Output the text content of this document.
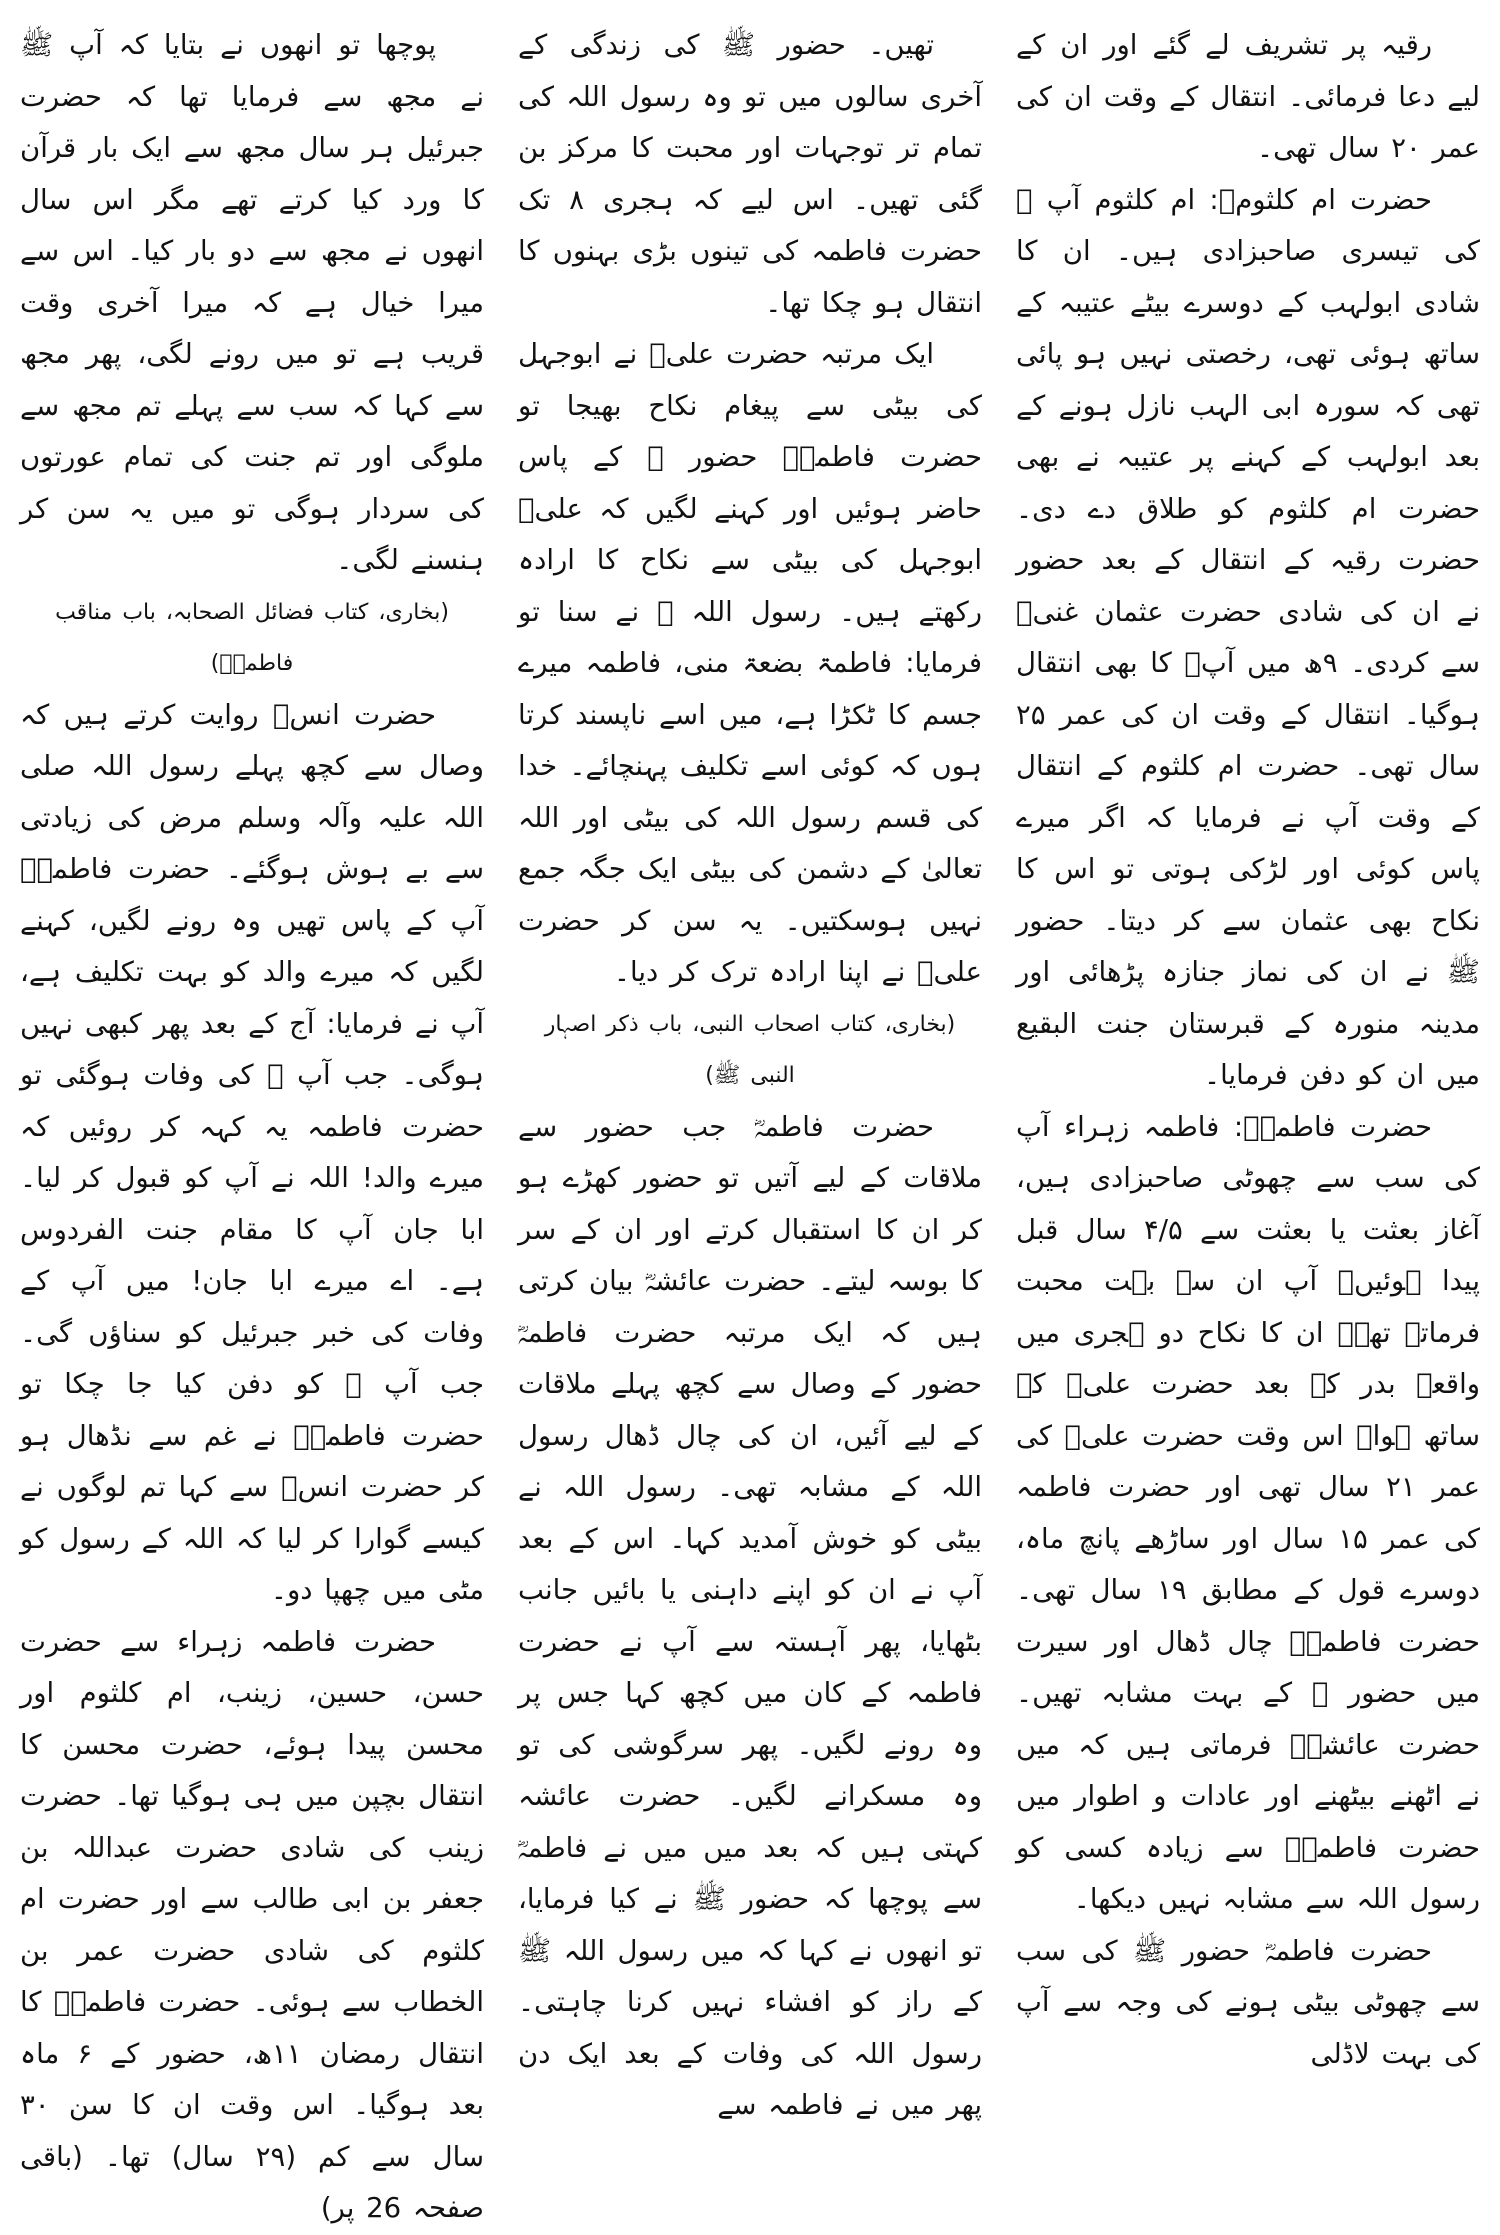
رقیہ پر تشریف لے گئے اور ان کے لیے دعا فرمائی۔ انتقال کے وقت ان کی عمر ۲۰ سال تھی۔

حضرت ام کلثومؓ: ام کلثوم آپ ﷺ کی تیسری صاحبزادی ہیں۔ ان کا شادی ابولہب کے دوسرے بیٹے عتیبہ کے ساتھ ہوئی تھی، رخصتی نہیں ہو پائی تھی کہ سورہ ابی الہب نازل ہونے کے بعد ابولہب کے کہنے پر عتیبہ نے بھی حضرت ام کلثوم کو طلاق دے دی۔ حضرت رقیہ کے انتقال کے بعد حضور نے ان کی شادی حضرت عثمان غنیؓ سے کردی۔ ۹ھ میں آپؓ کا بھی انتقال ہوگیا۔ انتقال کے وقت ان کی عمر ۲۵ سال تھی۔ حضرت ام کلثوم کے انتقال کے وقت آپ نے فرمایا کہ اگر میرے پاس کوئی اور لڑکی ہوتی تو اس کا نکاح بھی عثمان سے کر دیتا۔ حضور ﷺ نے ان کی نماز جنازہ پڑھائی اور مدینہ منورہ کے قبرستان جنت البقیع میں ان کو دفن فرمایا۔

حضرت فاطمہؓ: فاطمہ زہراء آپ کی سب سے چھوٹی صاحبزادی ہیں، آغاز بعثت یا بعثت سے ۴/۵ سال قبل پیدا ہوئیں۔ آپ ان سے بہت محبت فرماتے تھے۔ ان کا نکاح دو ہجری میں واقعہ بدر کے بعد حضرت علیؓ کے ساتھ ہوا۔ اس وقت حضرت علیؓ کی عمر ۲۱ سال تھی اور حضرت فاطمہ کی عمر ۱۵ سال اور ساڑھے پانچ ماہ، دوسرے قول کے مطابق ۱۹ سال تھی۔ حضرت فاطمہؓ چال ڈھال اور سیرت میں حضور ﷺ کے بہت مشابہ تھیں۔ حضرت عائشہؓ فرماتی ہیں کہ میں نے اٹھنے بیٹھنے اور عادات و اطوار میں حضرت فاطمہؓ سے زیادہ کسی کو رسول اللہ سے مشابہ نہیں دیکھا۔

حضرت فاطمہؓ حضور ﷺ کی سب سے چھوٹی بیٹی ہونے کی وجہ سے آپ کی بہت لاڈلی

تھیں۔ حضور ﷺ کی زندگی کے آخری سالوں میں تو وہ رسول اللہ کی تمام تر توجہات اور محبت کا مرکز بن گئی تھیں۔ اس لیے کہ ہجری ۸ تک حضرت فاطمہ کی تینوں بڑی بہنوں کا انتقال ہو چکا تھا۔

ایک مرتبہ حضرت علیؓ نے ابوجہل کی بیٹی سے پیغام نکاح بھیجا تو حضرت فاطمہؓ حضور ﷺ کے پاس حاضر ہوئیں اور کہنے لگیں کہ علیؓ ابوجہل کی بیٹی سے نکاح کا ارادہ رکھتے ہیں۔ رسول اللہ ﷺ نے سنا تو فرمایا: فاطمۃ بضعۃ منی، فاطمہ میرے جسم کا ٹکڑا ہے، میں اسے ناپسند کرتا ہوں کہ کوئی اسے تکلیف پہنچائے۔ خدا کی قسم رسول اللہ کی بیٹی اور اللہ تعالیٰ کے دشمن کی بیٹی ایک جگہ جمع نہیں ہوسکتیں۔ یہ سن کر حضرت علیؓ نے اپنا ارادہ ترک کر دیا۔

(بخاری، کتاب اصحاب النبی، باب ذکر اصہار النبی ﷺ)

حضرت فاطمہؓ جب حضور سے ملاقات کے لیے آتیں تو حضور کھڑے ہو کر ان کا استقبال کرتے اور ان کے سر کا بوسہ لیتے۔ حضرت عائشہؓ بیان کرتی ہیں کہ ایک مرتبہ حضرت فاطمہؓ حضور کے وصال سے کچھ پہلے ملاقات کے لیے آئیں، ان کی چال ڈھال رسول اللہ کے مشابہ تھی۔ رسول اللہ نے بیٹی کو خوش آمدید کہا۔ اس کے بعد آپ نے ان کو اپنے داہنی یا بائیں جانب بٹھایا، پھر آہستہ سے آپ نے حضرت فاطمہ کے کان میں کچھ کہا جس پر وہ رونے لگیں۔ پھر سرگوشی کی تو وہ مسکرانے لگیں۔ حضرت عائشہ کہتی ہیں کہ بعد میں میں نے فاطمہؓ سے پوچھا کہ حضور ﷺ نے کیا فرمایا، تو انھوں نے کہا کہ میں رسول اللہ ﷺ کے راز کو افشاء نہیں کرنا چاہتی۔ رسول اللہ کی وفات کے بعد ایک دن پھر میں نے فاطمہ سے

پوچھا تو انھوں نے بتایا کہ آپ ﷺ نے مجھ سے فرمایا تھا کہ حضرت جبرئیل ہر سال مجھ سے ایک بار قرآن کا ورد کیا کرتے تھے مگر اس سال انھوں نے مجھ سے دو بار کیا۔ اس سے میرا خیال ہے کہ میرا آخری وقت قریب ہے تو میں رونے لگی، پھر مجھ سے کہا کہ سب سے پہلے تم مجھ سے ملوگی اور تم جنت کی تمام عورتوں کی سردار ہوگی تو میں یہ سن کر ہنسنے لگی۔

(بخاری، کتاب فضائل الصحابہ، باب مناقب فاطمہؓ)

حضرت انسؓ روایت کرتے ہیں کہ وصال سے کچھ پہلے رسول اللہ صلی اللہ علیہ وآلہ وسلم مرض کی زیادتی سے بے ہوش ہوگئے۔ حضرت فاطمہؓ آپ کے پاس تھیں وہ رونے لگیں، کہنے لگیں کہ میرے والد کو بہت تکلیف ہے، آپ نے فرمایا: آج کے بعد پھر کبھی نہیں ہوگی۔ جب آپ ﷺ کی وفات ہوگئی تو حضرت فاطمہ یہ کہہ کر روئیں کہ میرے والد! اللہ نے آپ کو قبول کر لیا۔ ابا جان آپ کا مقام جنت الفردوس ہے۔ اے میرے ابا جان! میں آپ کے وفات کی خبر جبرئیل کو سناؤں گی۔ جب آپ ﷺ کو دفن کیا جا چکا تو حضرت فاطمہؓ نے غم سے نڈھال ہو کر حضرت انسؓ سے کہا تم لوگوں نے کیسے گوارا کر لیا کہ اللہ کے رسول کو مٹی میں چھپا دو۔

حضرت فاطمہ زہراء سے حضرت حسن، حسین، زینب، ام کلثوم اور محسن پیدا ہوئے، حضرت محسن کا انتقال بچپن میں ہی ہوگیا تھا۔ حضرت زینب کی شادی حضرت عبداللہ بن جعفر بن ابی طالب سے اور حضرت ام کلثوم کی شادی حضرت عمر بن الخطاب سے ہوئی۔ حضرت فاطمہؓ کا انتقال رمضان ۱۱ھ، حضور کے ۶ ماہ بعد ہوگیا۔ اس وقت ان کا سن ۳۰ سال سے کم (۲۹ سال) تھا۔ (باقی صفحہ 26 پر)
